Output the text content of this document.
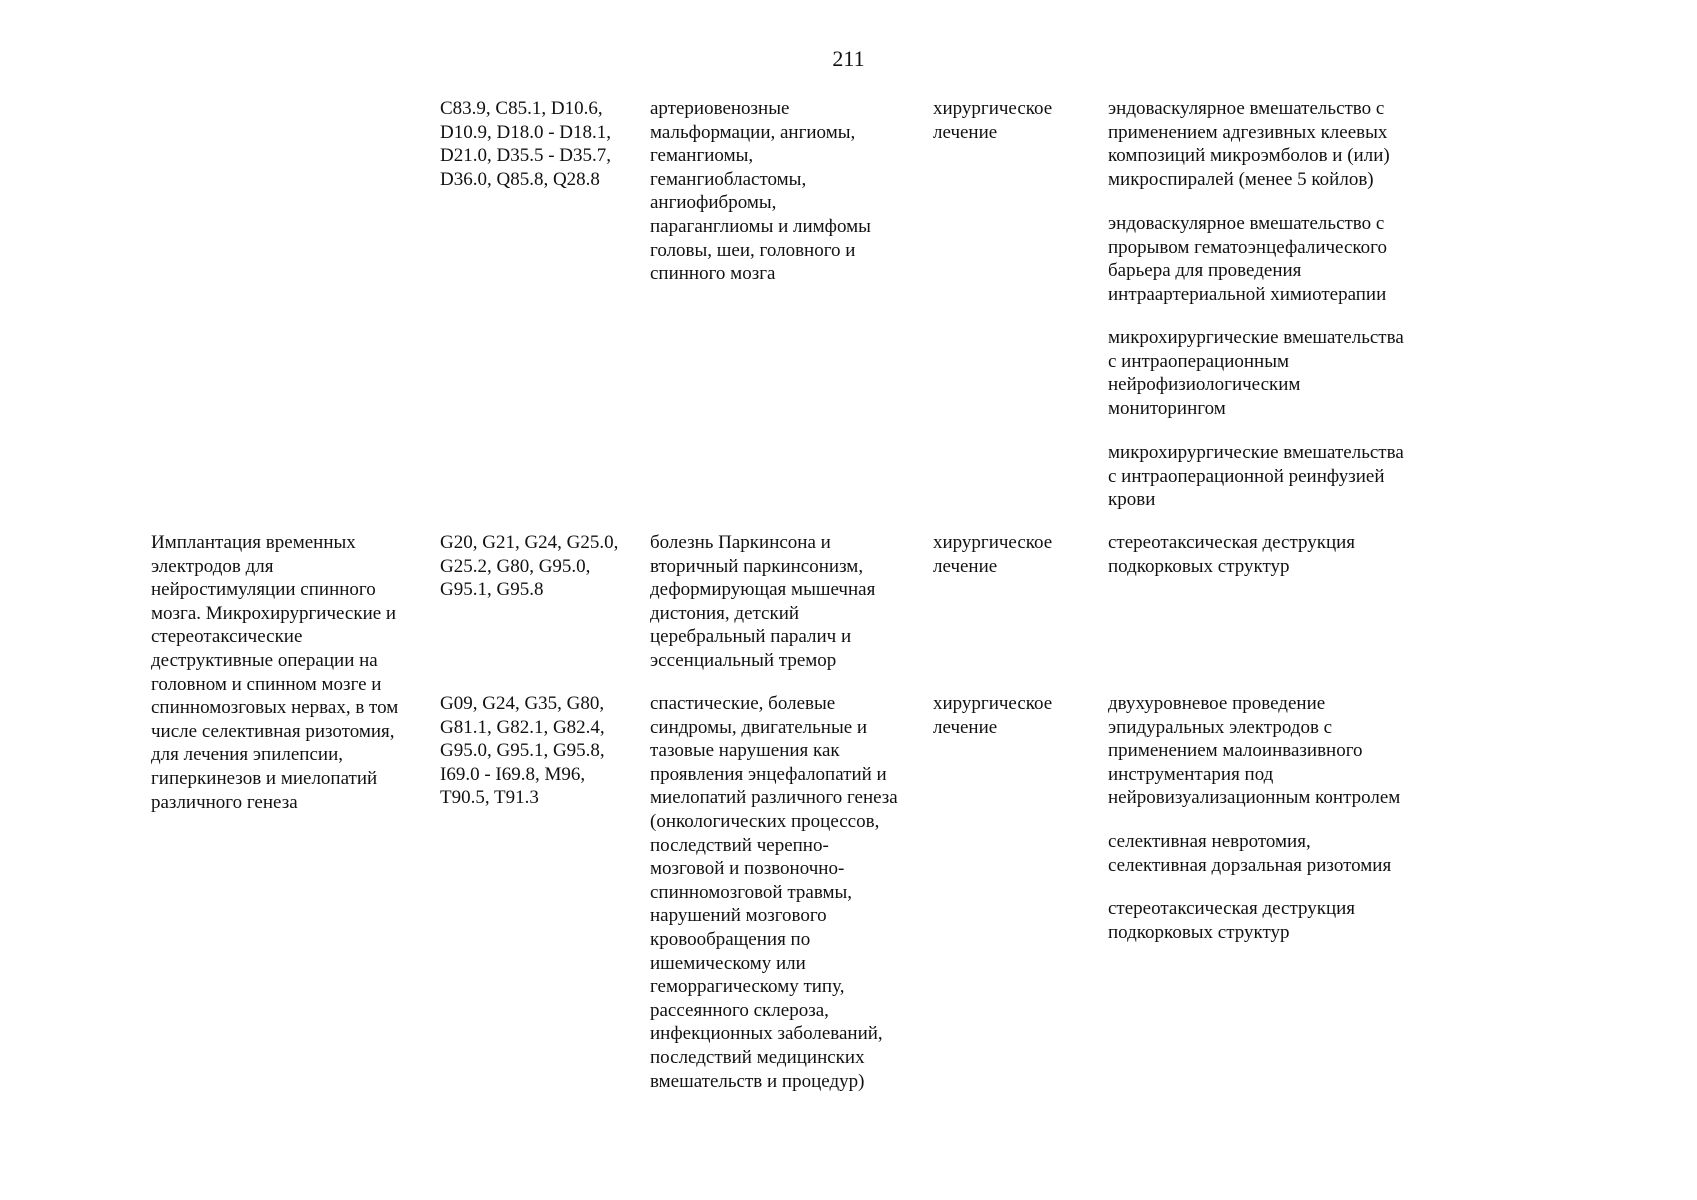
211
C83.9, C85.1, D10.6,
D10.9, D18.0 - D18.1,
D21.0, D35.5 - D35.7,
D36.0, Q85.8, Q28.8
артериовенозные
мальформации, ангиомы,
гемангиомы,
гемангиобластомы,
ангиофибромы,
параганглиомы и лимфомы
головы, шеи, головного и
спинного мозга
хирургическое
лечение
эндоваскулярное вмешательство с
применением адгезивных клеевых
композиций микроэмболов и (или)
микроспиралей (менее 5 койлов)
эндоваскулярное вмешательство с
прорывом гематоэнцефалического
барьера для проведения
интраартериальной химиотерапии
микрохирургические вмешательства
с интраоперационным
нейрофизиологическим
мониторингом
микрохирургические вмешательства
с интраоперационной реинфузией
крови
Имплантация временных
электродов для
нейростимуляции спинного
мозга. Микрохирургические и
стереотаксические
деструктивные операции на
головном и спинном мозге и
спинномозговых нервах, в том
числе селективная ризотомия,
для лечения эпилепсии,
гиперкинезов и миелопатий
различного генеза
G20, G21, G24, G25.0,
G25.2, G80, G95.0,
G95.1, G95.8
болезнь Паркинсона и
вторичный паркинсонизм,
деформирующая мышечная
дистония, детский
церебральный паралич и
эссенциальный тремор
хирургическое
лечение
стереотаксическая деструкция
подкорковых структур
G09, G24, G35, G80,
G81.1, G82.1, G82.4,
G95.0, G95.1, G95.8,
I69.0 - I69.8, M96,
T90.5, T91.3
спастические, болевые
синдромы, двигательные и
тазовые нарушения как
проявления энцефалопатий и
миелопатий различного генеза
(онкологических процессов,
последствий черепно-
мозговой и позвоночно-
спинномозговой травмы,
нарушений мозгового
кровообращения по
ишемическому или
геморрагическому типу,
рассеянного склероза,
инфекционных заболеваний,
последствий медицинских
вмешательств и процедур)
хирургическое
лечение
двухуровневое проведение
эпидуральных электродов с
применением малоинвазивного
инструментария под
нейровизуализационным контролем
селективная невротомия,
селективная дорзальная ризотомия
стереотаксическая деструкция
подкорковых структур
